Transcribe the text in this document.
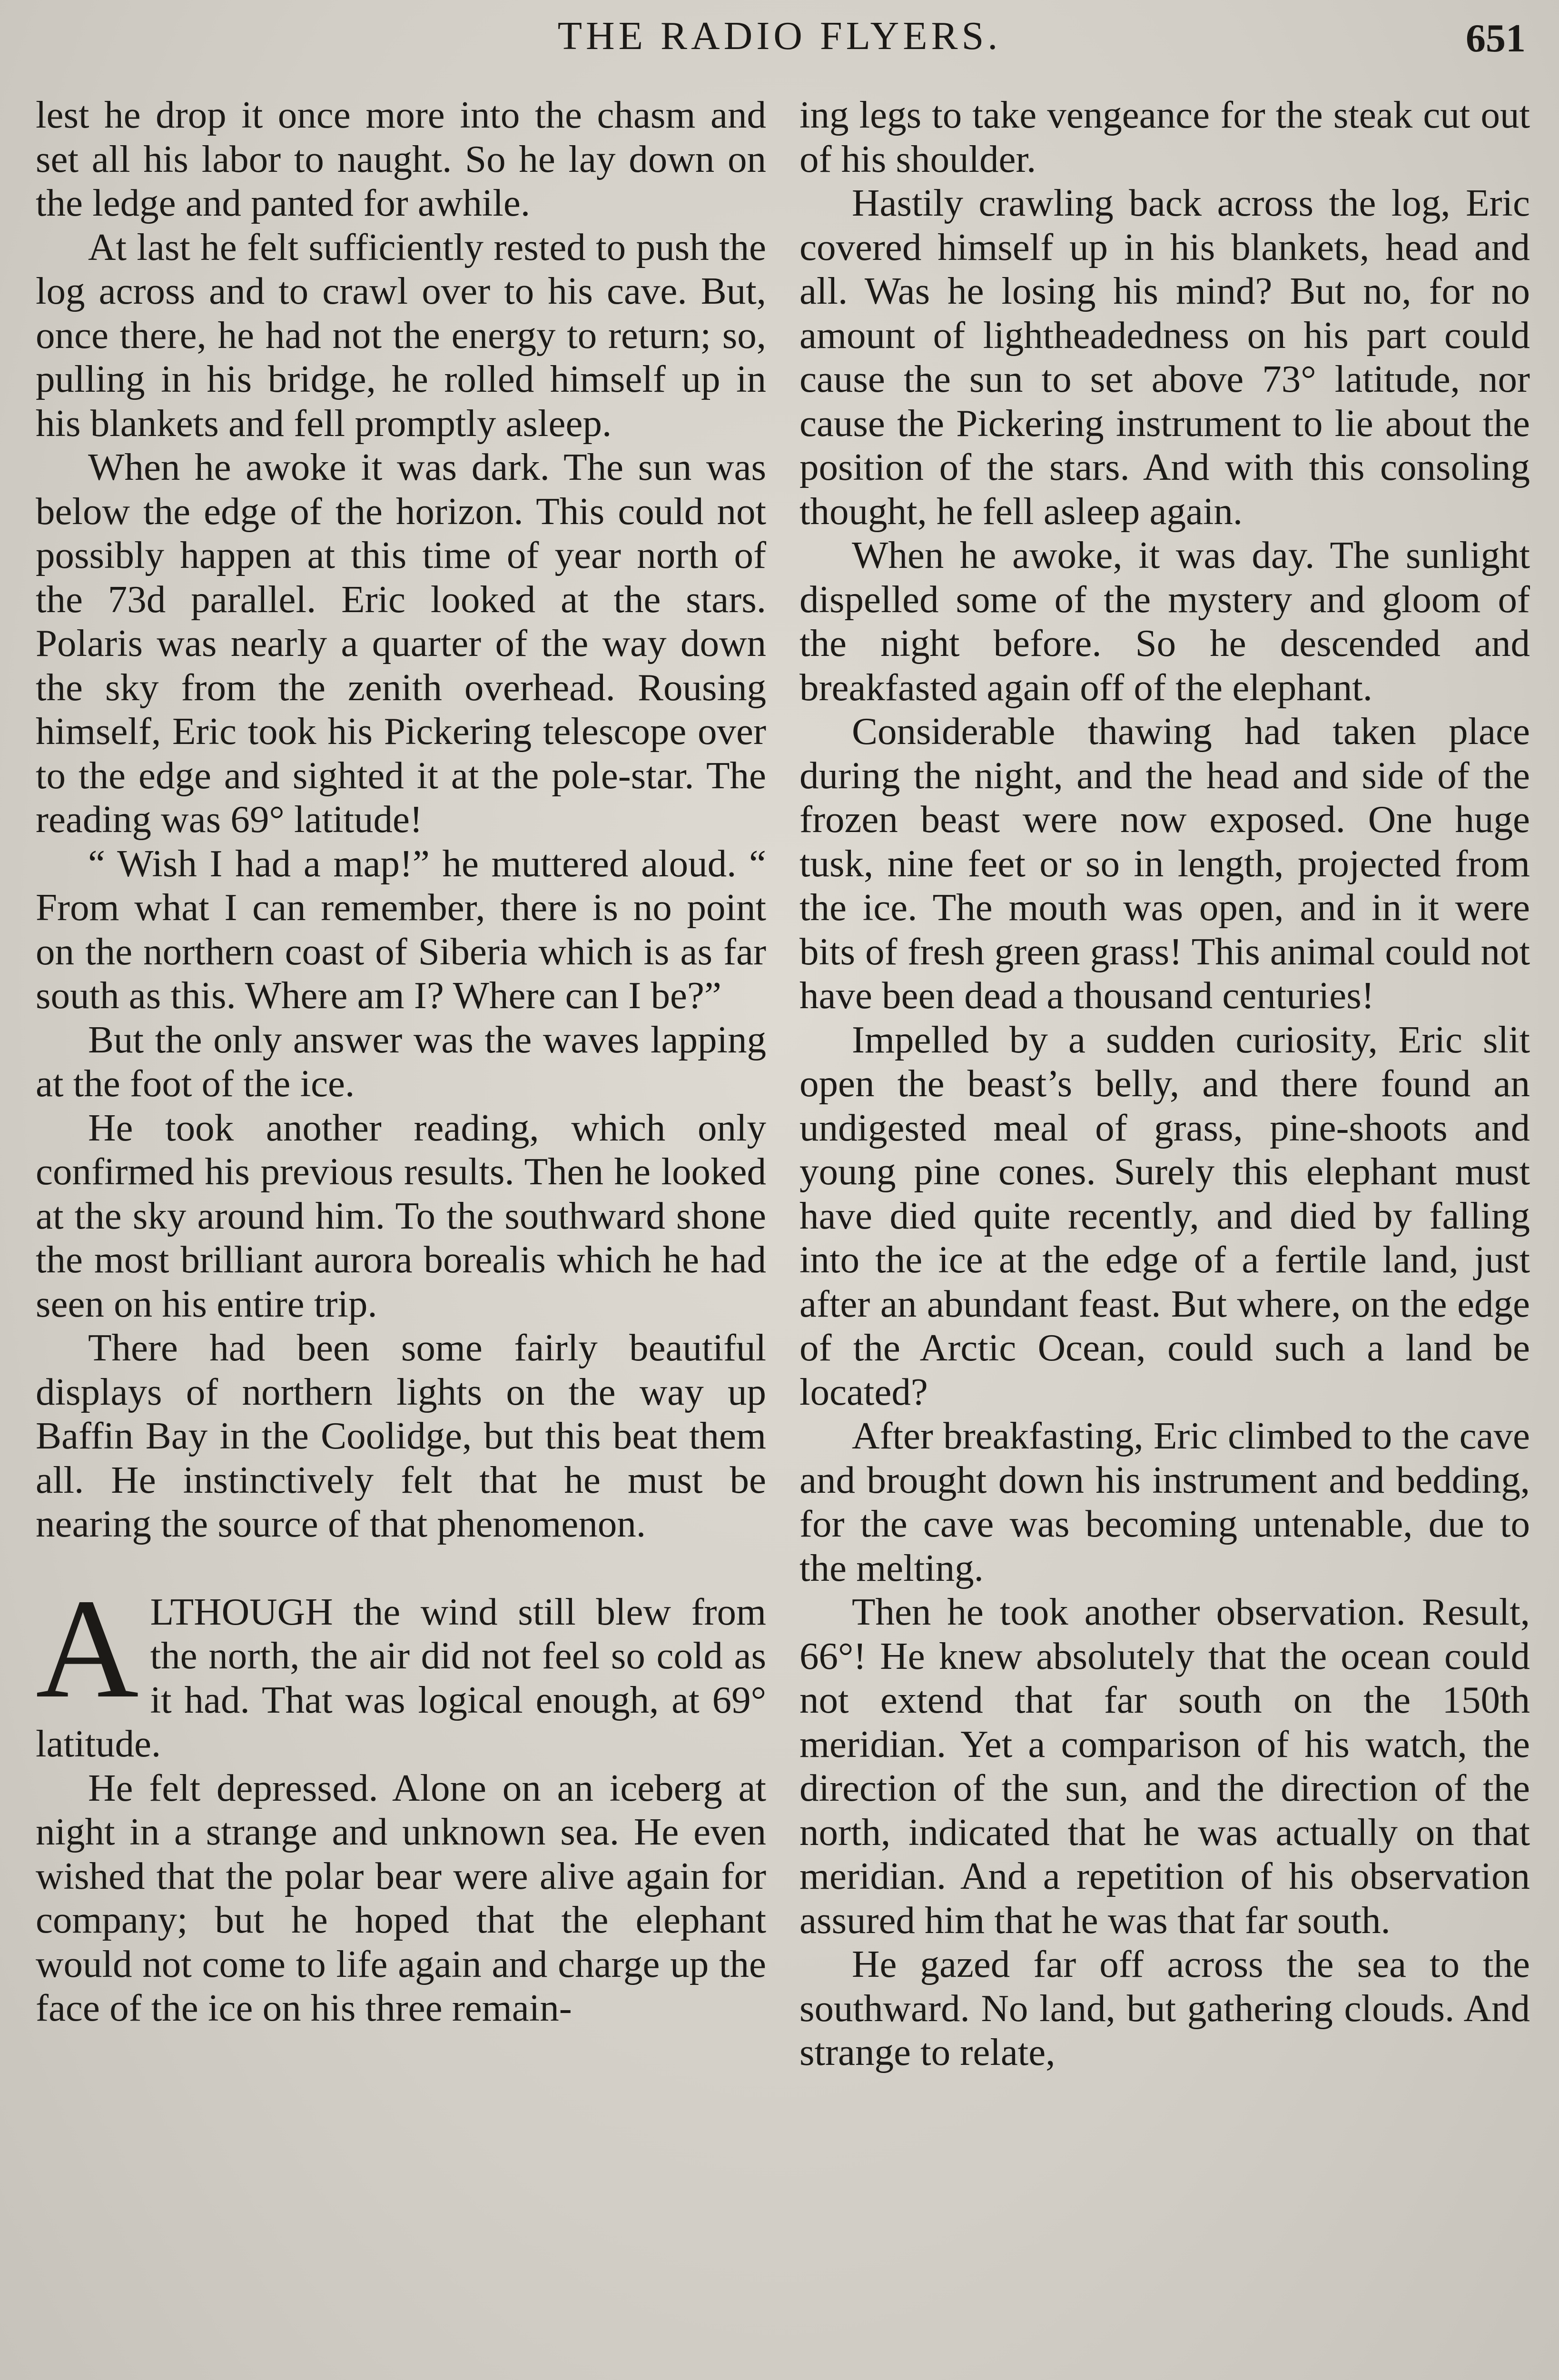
THE RADIO FLYERS.	651

lest he drop it once more into the chasm and set all his labor to naught. So he lay down on the ledge and panted for awhile.

At last he felt sufficiently rested to push the log across and to crawl over to his cave. But, once there, he had not the energy to return; so, pulling in his bridge, he rolled himself up in his blankets and fell promptly asleep.

When he awoke it was dark. The sun was below the edge of the horizon. This could not possibly happen at this time of year north of the 73d parallel. Eric looked at the stars. Polaris was nearly a quarter of the way down the sky from the zenith overhead. Rousing himself, Eric took his Pickering telescope over to the edge and sighted it at the pole-star. The reading was 69° latitude!

“ Wish I had a map!” he muttered aloud. “ From what I can remember, there is no point on the northern coast of Siberia which is as far south as this. Where am I? Where can I be?”

But the only answer was the waves lapping at the foot of the ice.

He took another reading, which only confirmed his previous results. Then he looked at the sky around him. To the southward shone the most brilliant aurora borealis which he had seen on his entire trip.

There had been some fairly beautiful displays of northern lights on the way up Baffin Bay in the Coolidge, but this beat them all. He instinctively felt that he must be nearing the source of that phenomenon.

A LTHOUGH the wind still blew from the north, the air did not feel so cold as it had. That was logical enough, at 69° latitude.

He felt depressed. Alone on an iceberg at night in a strange and unknown sea. He even wished that the polar bear were alive again for company; but he hoped that the elephant would not come to life again and charge up the face of the ice on his three remain-

ing legs to take vengeance for the steak cut out of his shoulder.

Hastily crawling back across the log, Eric covered himself up in his blankets, head and all. Was he losing his mind? But no, for no amount of lightheadedness on his part could cause the sun to set above 73° latitude, nor cause the Pickering instrument to lie about the position of the stars. And with this consoling thought, he fell asleep again.

When he awoke, it was day. The sunlight dispelled some of the mystery and gloom of the night before. So he descended and breakfasted again off of the elephant.

Considerable thawing had taken place during the night, and the head and side of the frozen beast were now exposed. One huge tusk, nine feet or so in length, projected from the ice. The mouth was open, and in it were bits of fresh green grass! This animal could not have been dead a thousand centuries!

Impelled by a sudden curiosity, Eric slit open the beast’s belly, and there found an undigested meal of grass, pine-shoots and young pine cones. Surely this elephant must have died quite recently, and died by falling into the ice at the edge of a fertile land, just after an abundant feast. But where, on the edge of the Arctic Ocean, could such a land be located?

After breakfasting, Eric climbed to the cave and brought down his instrument and bedding, for the cave was becoming untenable, due to the melting.

Then he took another observation. Result, 66°! He knew absolutely that the ocean could not extend that far south on the 150th meridian. Yet a comparison of his watch, the direction of the sun, and the direction of the north, indicated that he was actually on that meridian. And a repetition of his observation assured him that he was that far south.

He gazed far off across the sea to the southward. No land, but gathering clouds. And strange to relate,
